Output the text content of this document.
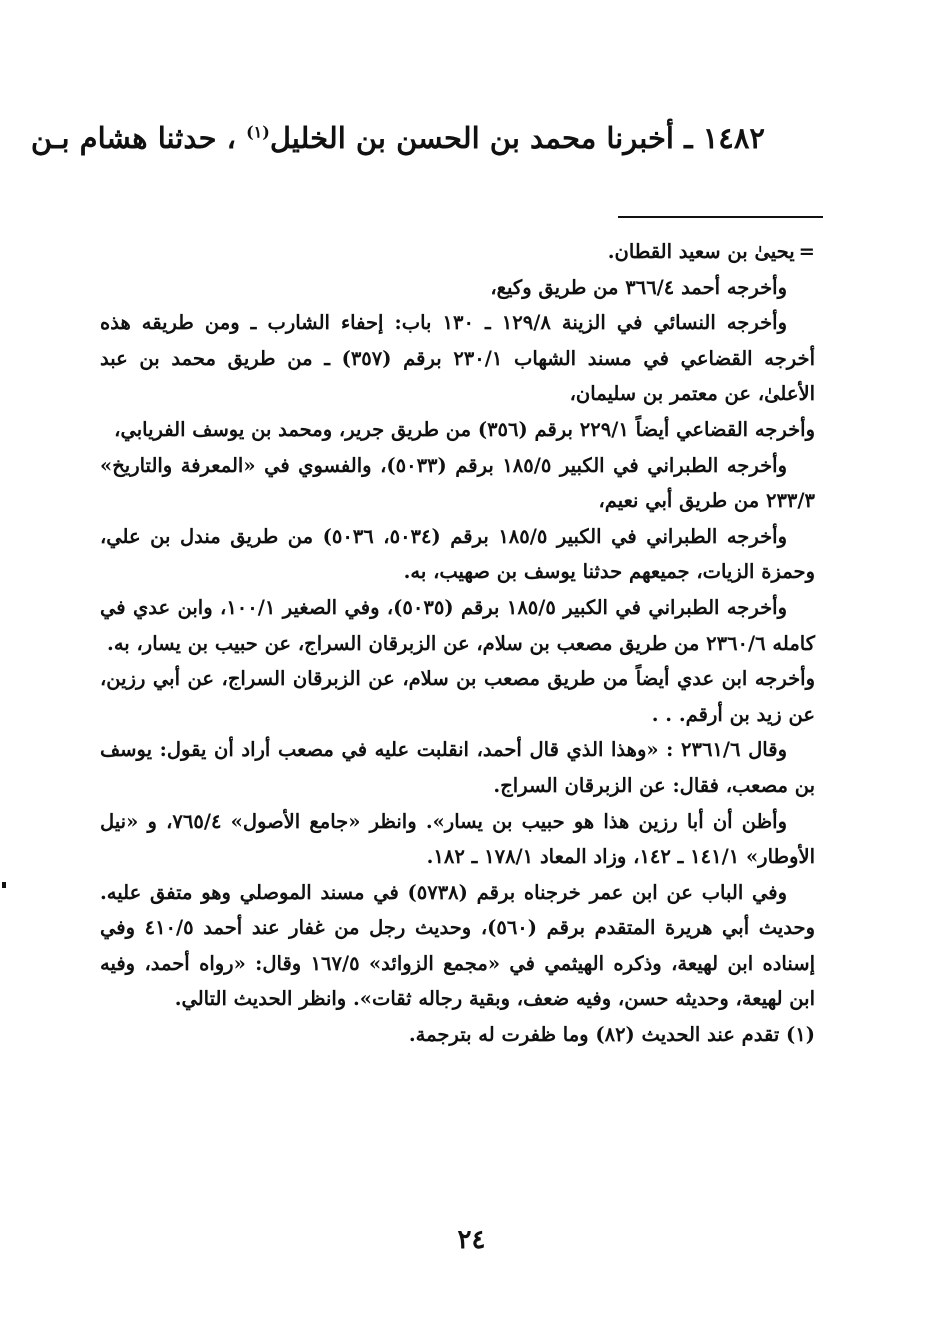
١٤٨٢ ـ أخبرنا محمد بن الحسن بن الخليل$^{(١)}$ ، حدثنا هشام بـن

=يحيىٰ بن سعيد القطان.

وأخرجه أحمد ٣٦٦/٤ من طريق وكيع،

وأخرجه النسائي في الزينة ١٢٩/٨ ـ ١٣٠ باب: إحفاء الشارب ـ ومن طريقه هذه أخرجه القضاعي في مسند الشهاب ٢٣٠/١ برقم (٣٥٧) ـ من طريق محمد بن عبد الأعلىٰ، عن معتمر بن سليمان،

وأخرجه القضاعي أيضاً ٢٢٩/١ برقم (٣٥٦) من طريق جرير، ومحمد بن يوسف الفريابي،

وأخرجه الطبراني في الكبير ١٨٥/٥ برقم (٥٠٣٣)، والفسوي في «المعرفة والتاريخ» ٢٣٣/٣ من طريق أبي نعيم،

وأخرجه الطبراني في الكبير ١٨٥/٥ برقم (٥٠٣٤، ٥٠٣٦) من طريق مندل بن علي، وحمزة الزيات، جميعهم حدثنا يوسف بن صهيب، به.

وأخرجه الطبراني في الكبير ١٨٥/٥ برقم (٥٠٣٥)، وفي الصغير ١٠٠/١، وابن عدي في كامله ٢٣٦٠/٦ من طريق مصعب بن سلام، عن الزبرقان السراج، عن حبيب بن يسار، به.

وأخرجه ابن عدي أيضاً من طريق مصعب بن سلام، عن الزبرقان السراج، عن أبي رزين، عن زيد بن أرقم. . .

وقال ٢٣٦١/٦ : «وهذا الذي قال أحمد، انقلبت عليه في مصعب أراد أن يقول: يوسف بن مصعب، فقال: عن الزبرقان السراج.

وأظن أن أبا رزين هذا هو حبيب بن يسار». وانظر «جامع الأصول» ٧٦٥/٤، و «نيل الأوطار» ١٤١/١ ـ ١٤٢، وزاد المعاد ١٧٨/١ ـ ١٨٢.

وفي الباب عن ابن عمر خرجناه برقم (٥٧٣٨) في مسند الموصلي وهو متفق عليه. وحديث أبي هريرة المتقدم برقم (٥٦٠)، وحديث رجل من غفار عند أحمد ٤١٠/٥ وفي إسناده ابن لهيعة، وذكره الهيثمي في «مجمع الزوائد» ١٦٧/٥ وقال: «رواه أحمد، وفيه ابن لهيعة، وحديثه حسن، وفيه ضعف، وبقية رجاله ثقات». وانظر الحديث التالي.

(١) تقدم عند الحديث (٨٢) وما ظفرت له بترجمة.

٢٤
